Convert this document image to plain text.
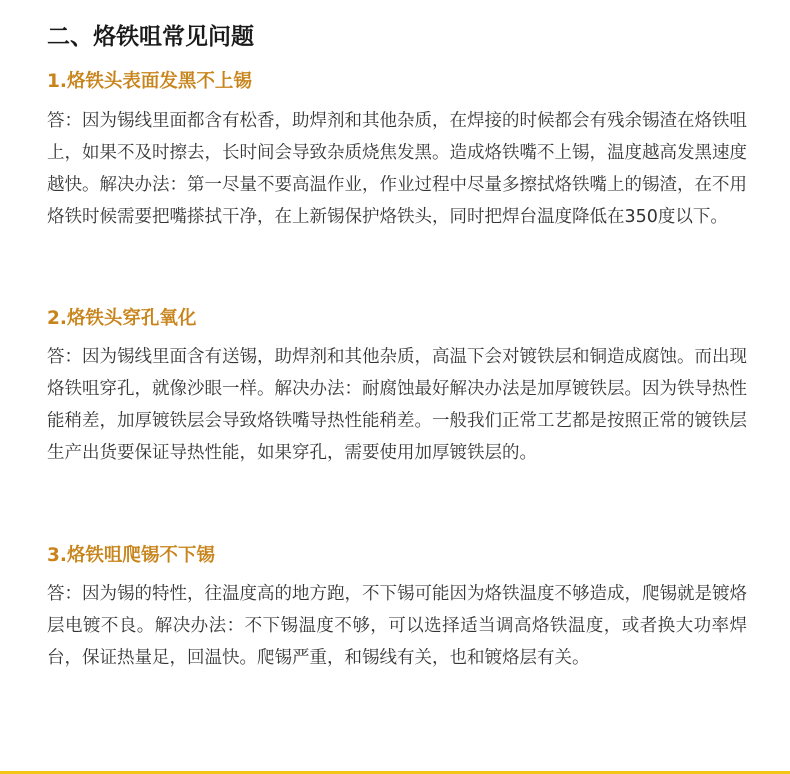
二、烙铁咀常见问题
1.烙铁头表面发黑不上锡
答：因为锡线里面都含有松香，助焊剂和其他杂质，在焊接的时候都会有残余锡渣在烙铁咀上，如果不及时擦去，长时间会导致杂质烧焦发黑。造成烙铁嘴不上锡，温度越高发黑速度越快。解决办法：第一尽量不要高温作业，作业过程中尽量多擦拭烙铁嘴上的锡渣，在不用烙铁时候需要把嘴搽拭干净，在上新锡保护烙铁头，同时把焊台温度降低在350度以下。
2.烙铁头穿孔氧化
答：因为锡线里面含有送锡，助焊剂和其他杂质，高温下会对镀铁层和铜造成腐蚀。而出现烙铁咀穿孔，就像沙眼一样。解决办法：耐腐蚀最好解决办法是加厚镀铁层。因为铁导热性能稍差，加厚镀铁层会导致烙铁嘴导热性能稍差。一般我们正常工艺都是按照正常的镀铁层生产出货要保证导热性能，如果穿孔，需要使用加厚镀铁层的。
3.烙铁咀爬锡不下锡
答：因为锡的特性，往温度高的地方跑，不下锡可能因为烙铁温度不够造成，爬锡就是镀烙层电镀不良。解决办法：不下锡温度不够，可以选择适当调高烙铁温度，或者换大功率焊台，保证热量足，回温快。爬锡严重，和锡线有关，也和镀烙层有关。
